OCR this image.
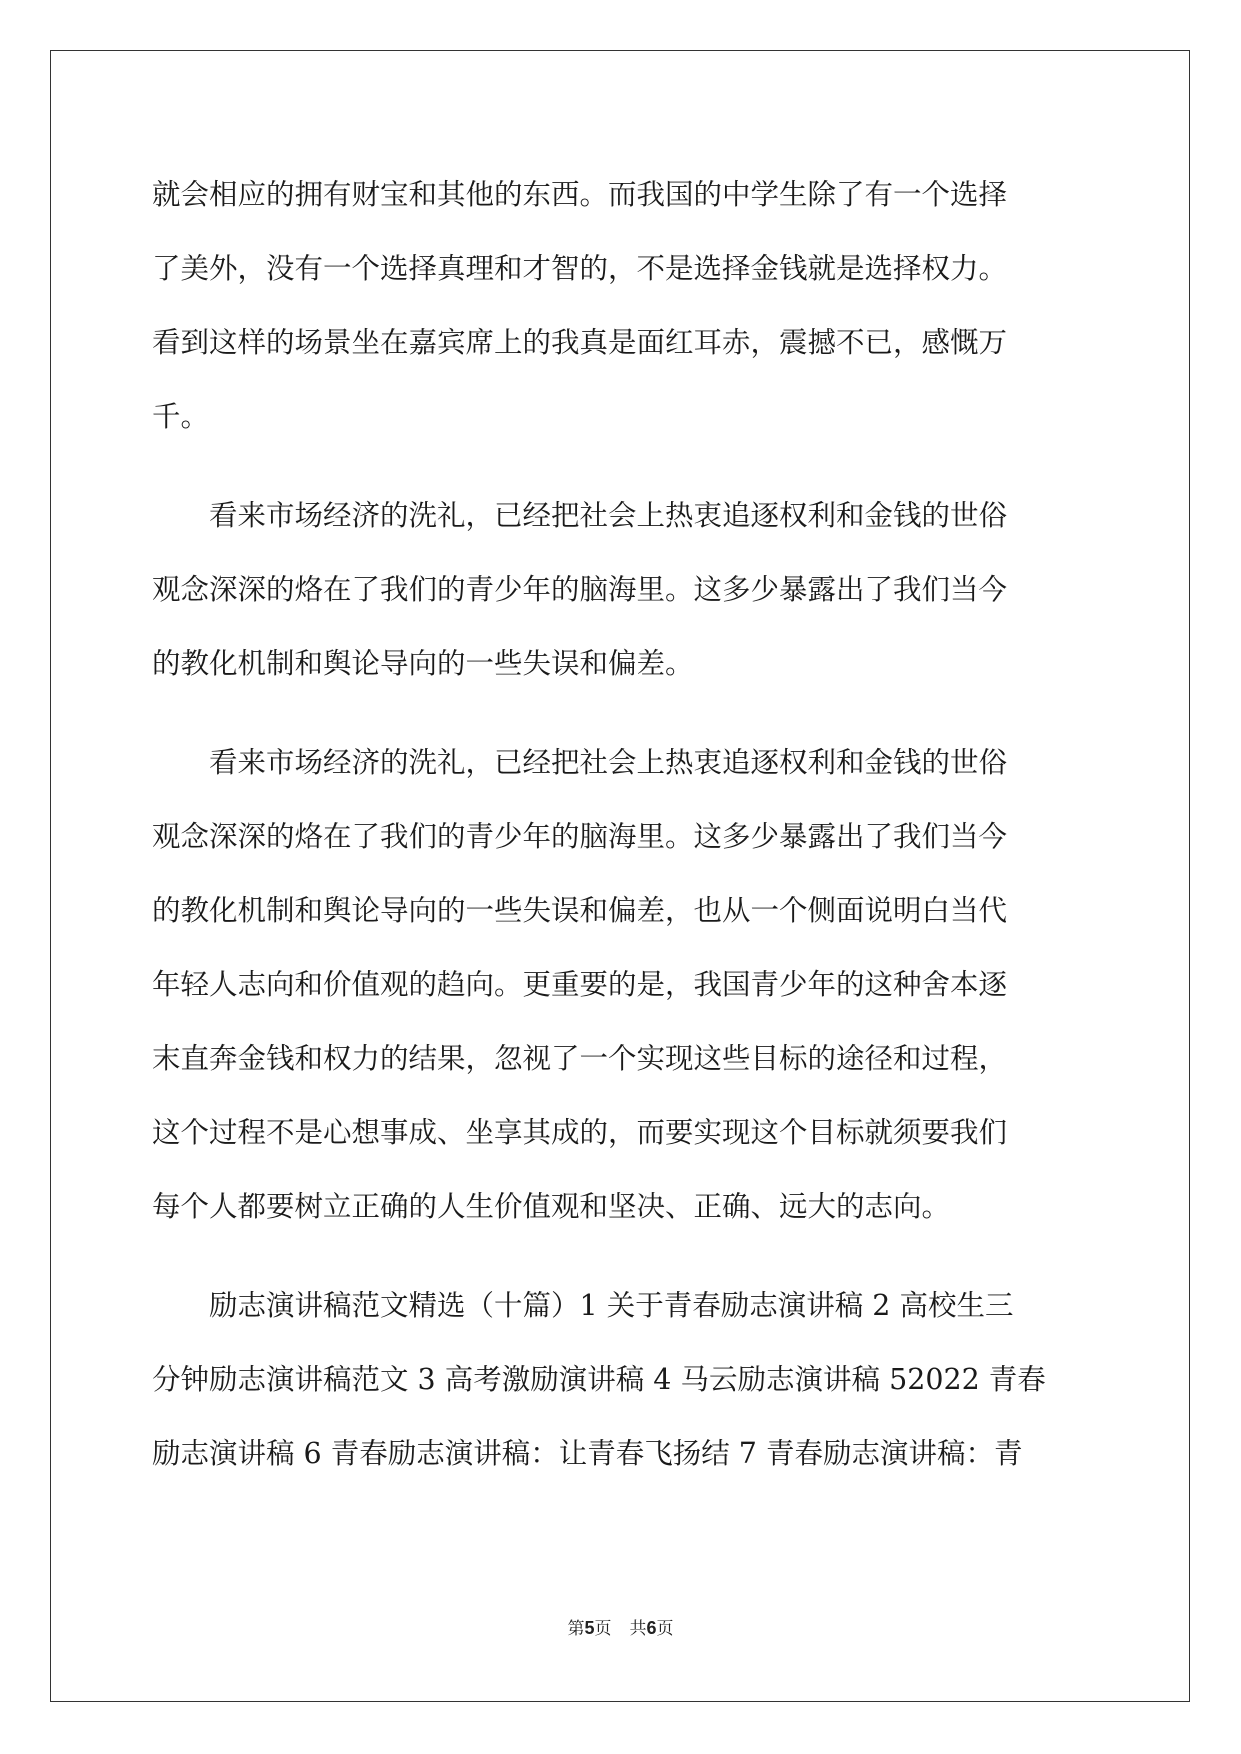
就会相应的拥有财宝和其他的东西。而我国的中学生除了有一个选择
了美外，没有一个选择真理和才智的，不是选择金钱就是选择权力。
看到这样的场景坐在嘉宾席上的我真是面红耳赤，震撼不已，感慨万
千。
看来市场经济的洗礼，已经把社会上热衷追逐权利和金钱的世俗
观念深深的烙在了我们的青少年的脑海里。这多少暴露出了我们当今
的教化机制和舆论导向的一些失误和偏差。
看来市场经济的洗礼，已经把社会上热衷追逐权利和金钱的世俗
观念深深的烙在了我们的青少年的脑海里。这多少暴露出了我们当今
的教化机制和舆论导向的一些失误和偏差，也从一个侧面说明白当代
年轻人志向和价值观的趋向。更重要的是，我国青少年的这种舍本逐
末直奔金钱和权力的结果，忽视了一个实现这些目标的途径和过程，
这个过程不是心想事成、坐享其成的，而要实现这个目标就须要我们
每个人都要树立正确的人生价值观和坚决、正确、远大的志向。
励志演讲稿范文精选（十篇）1 关于青春励志演讲稿 2 高校生三
分钟励志演讲稿范文 3 高考激励演讲稿 4 马云励志演讲稿 52022 青春
励志演讲稿 6 青春励志演讲稿：让青春飞扬结 7 青春励志演讲稿：青
第5页 共6页
